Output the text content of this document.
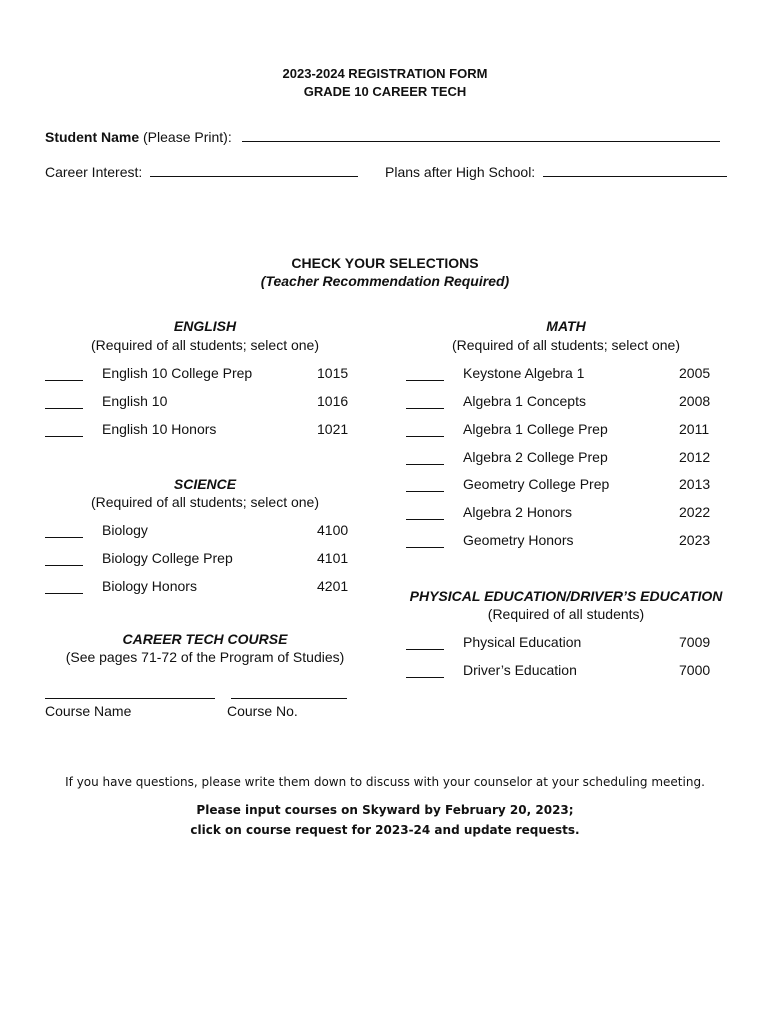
2023-2024 REGISTRATION FORM
GRADE 10 CAREER TECH
Student Name (Please Print):
Career Interest:	Plans after High School:
CHECK YOUR SELECTIONS
(Teacher Recommendation Required)
ENGLISH
(Required of all students; select one)
English 10 College Prep	1015
English 10	1016
English 10 Honors	1021
SCIENCE
(Required of all students; select one)
Biology	4100
Biology College Prep	4101
Biology Honors	4201
CAREER TECH COURSE
(See pages 71-72 of the Program of Studies)
Course Name	Course No.
MATH
(Required of all students; select one)
Keystone Algebra 1	2005
Algebra 1 Concepts	2008
Algebra 1 College Prep	2011
Algebra 2 College Prep	2012
Geometry College Prep	2013
Algebra 2 Honors	2022
Geometry Honors	2023
PHYSICAL EDUCATION/DRIVER’S EDUCATION
(Required of all students)
Physical Education	7009
Driver’s Education	7000
If you have questions, please write them down to discuss with your counselor at your scheduling meeting.
Please input courses on Skyward by February 20, 2023;
click on course request for 2023-24 and update requests.
